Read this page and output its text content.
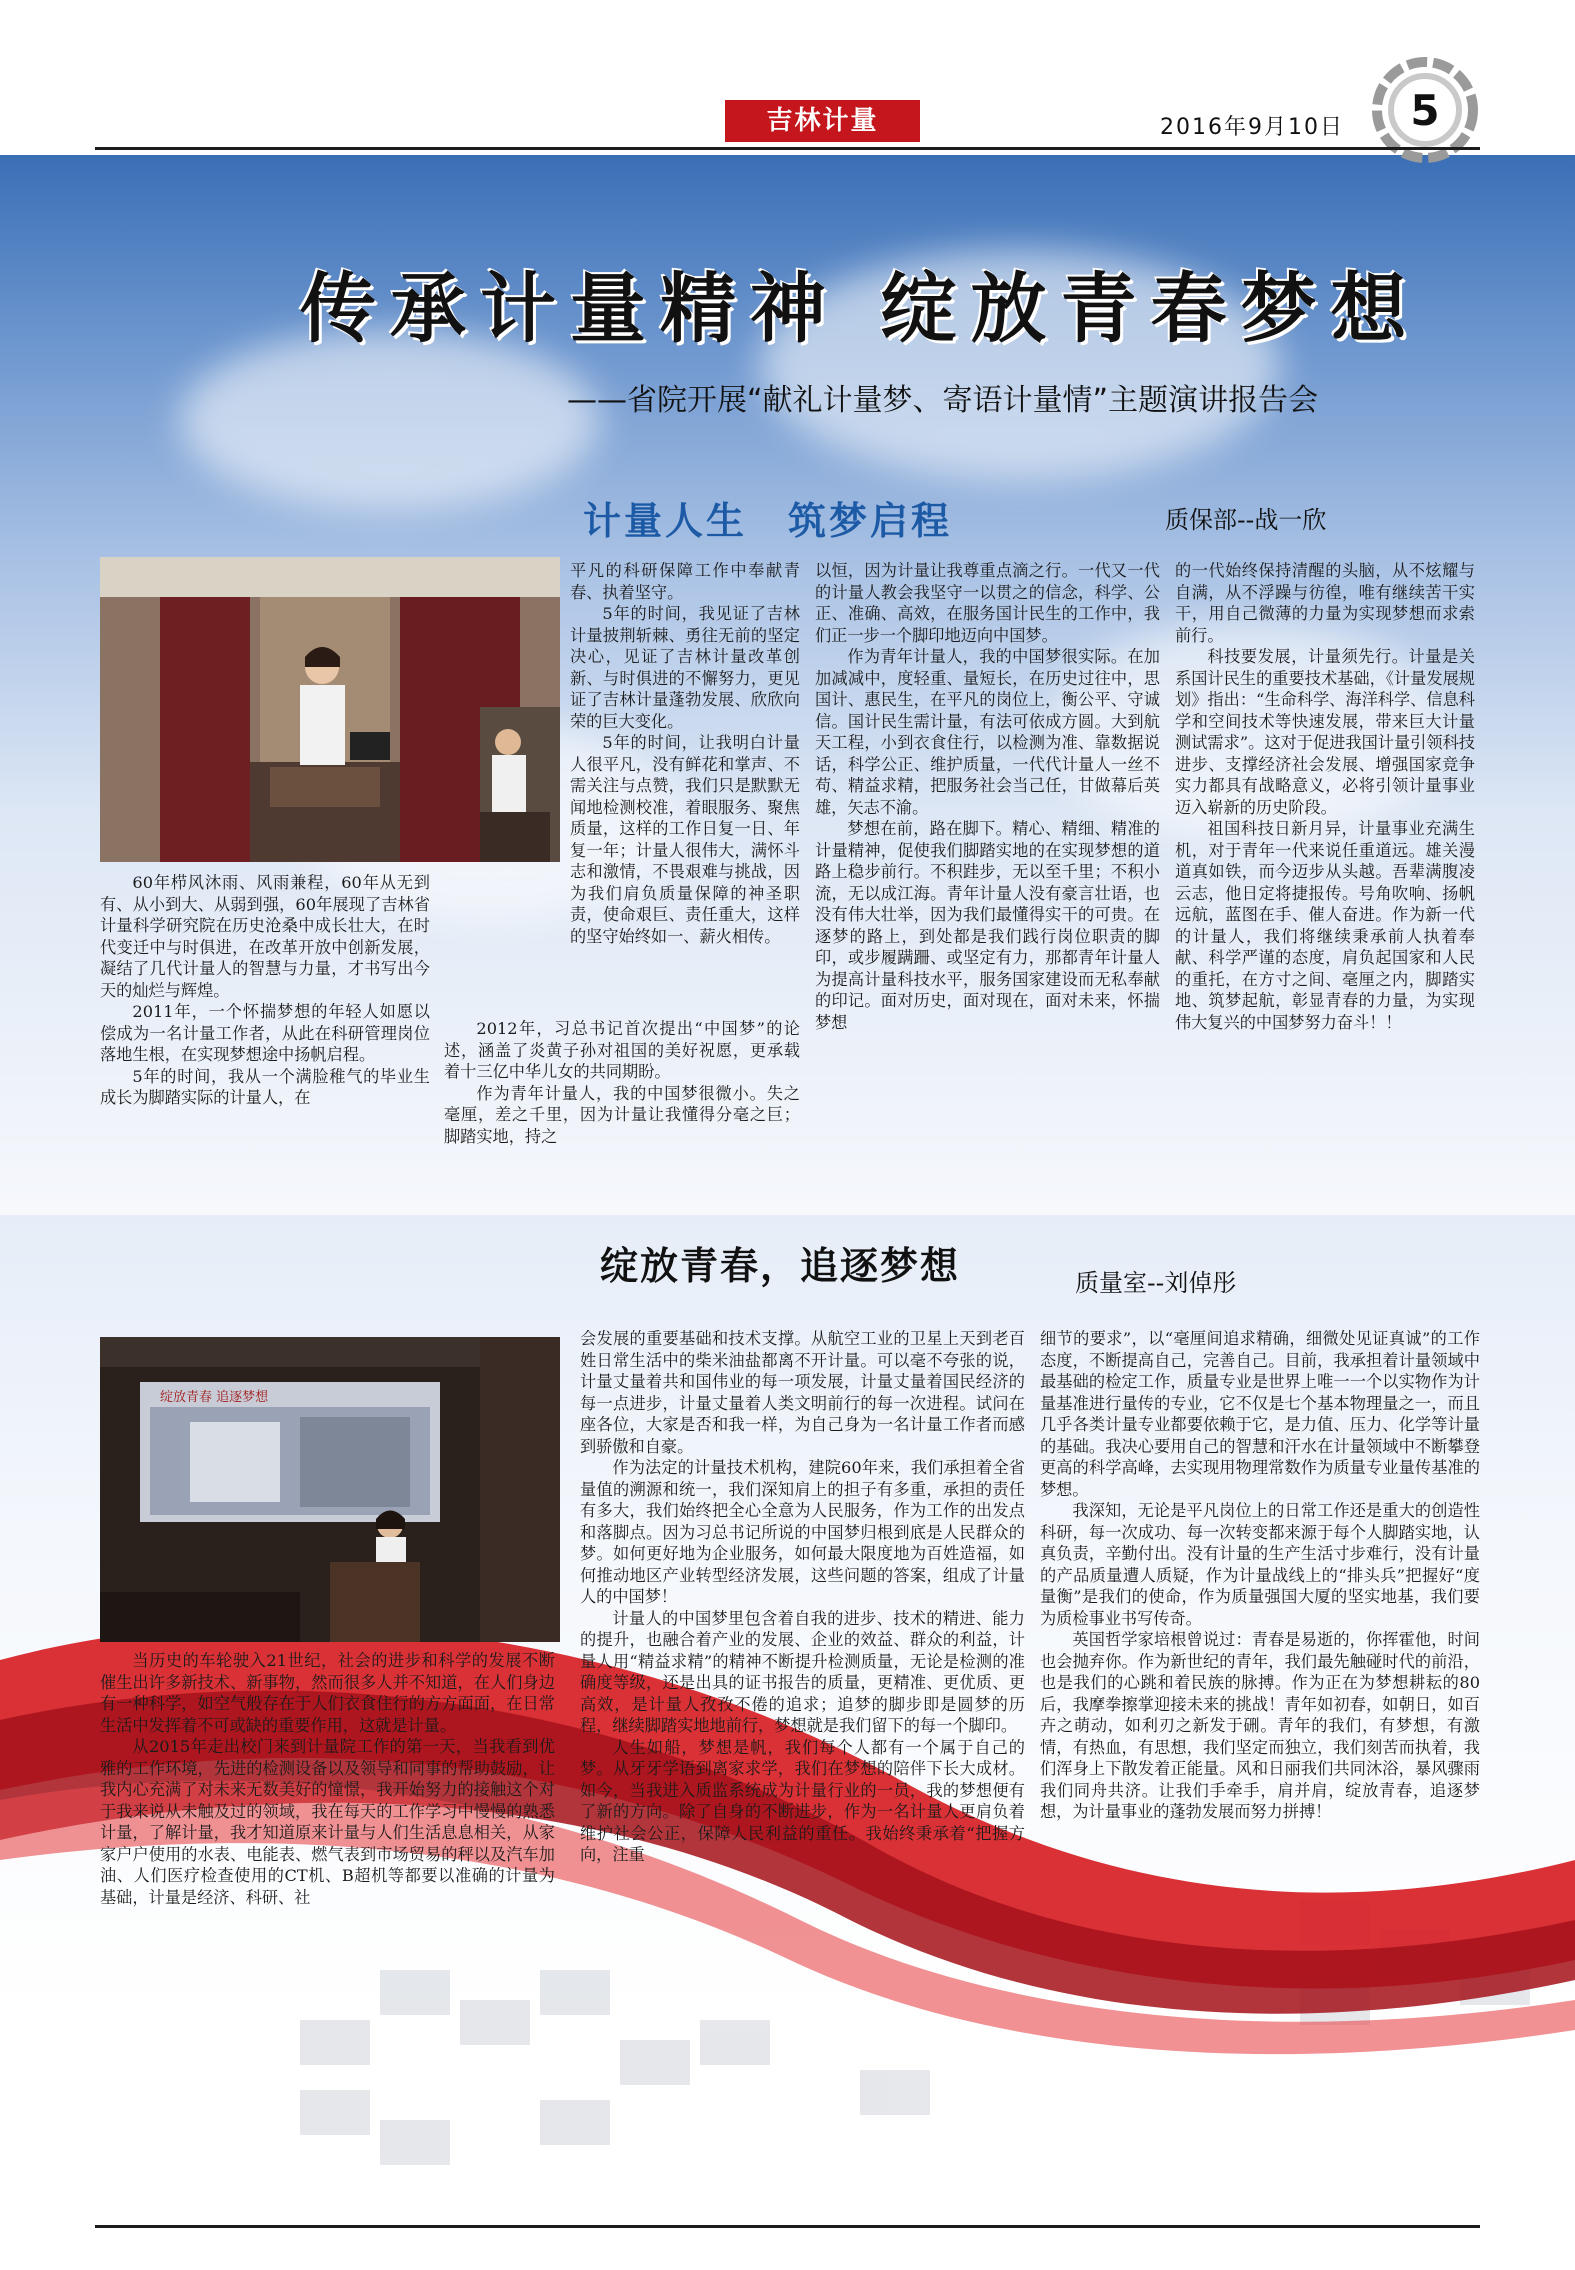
吉林计量	2016年9月10日 5
传承计量精神 绽放青春梦想
——省院开展“献礼计量梦、寄语计量情”主题演讲报告会
计量人生　筑梦启程	质保部--战一欣

60年栉风沐雨、风雨兼程，60年从无到有、从小到大、从弱到强，60年展现了吉林省计量科学研究院在历史沧桑中成长壮大，在时代变迁中与时俱进，在改革开放中创新发展，凝结了几代计量人的智慧与力量，才书写出今天的灿烂与辉煌。

2011年，一个怀揣梦想的年轻人如愿以偿成为一名计量工作者，从此在科研管理岗位落地生根，在实现梦想途中扬帆启程。

5年的时间，我从一个满脸稚气的毕业生成长为脚踏实际的计量人，在

平凡的科研保障工作中奉献青春、执着坚守。

5年的时间，我见证了吉林计量披荆斩棘、勇往无前的坚定决心，见证了吉林计量改革创新、与时俱进的不懈努力，更见证了吉林计量蓬勃发展、欣欣向荣的巨大变化。

5年的时间，让我明白计量人很平凡，没有鲜花和掌声、不需关注与点赞，我们只是默默无闻地检测校准，着眼服务、聚焦质量，这样的工作日复一日、年复一年；计量人很伟大，满怀斗志和激情，不畏艰难与挑战，因为我们肩负质量保障的神圣职责，使命艰巨、责任重大，这样的坚守始终如一、薪火相传。

2012年，习总书记首次提出“中国梦”的论述，涵盖了炎黄子孙对祖国的美好祝愿，更承载着十三亿中华儿女的共同期盼。

作为青年计量人，我的中国梦很微小。失之毫厘，差之千里，因为计量让我懂得分毫之巨；脚踏实地，持之

以恒，因为计量让我尊重点滴之行。一代又一代的计量人教会我坚守一以贯之的信念，科学、公正、准确、高效，在服务国计民生的工作中，我们正一步一个脚印地迈向中国梦。

作为青年计量人，我的中国梦很实际。在加加减减中，度轻重、量短长，在历史过往中，思国计、惠民生，在平凡的岗位上，衡公平、守诚信。国计民生需计量，有法可依成方圆。大到航天工程，小到衣食住行，以检测为准、靠数据说话，科学公正、维护质量，一代代计量人一丝不苟、精益求精，把服务社会当己任，甘做幕后英雄，矢志不渝。

梦想在前，路在脚下。精心、精细、精准的计量精神，促使我们脚踏实地的在实现梦想的道路上稳步前行。不积跬步，无以至千里；不积小流，无以成江海。青年计量人没有豪言壮语，也没有伟大壮举，因为我们最懂得实干的可贵。在逐梦的路上，到处都是我们践行岗位职责的脚印，或步履蹒跚、或坚定有力，那都青年计量人为提高计量科技水平，服务国家建设而无私奉献的印记。面对历史，面对现在，面对未来，怀揣梦想

的一代始终保持清醒的头脑，从不炫耀与自满，从不浮躁与彷徨，唯有继续苦干实干，用自己微薄的力量为实现梦想而求索前行。

科技要发展，计量须先行。计量是关系国计民生的重要技术基础，《计量发展规划》指出：“生命科学、海洋科学、信息科学和空间技术等快速发展，带来巨大计量测试需求”。这对于促进我国计量引领科技进步、支撑经济社会发展、增强国家竞争实力都具有战略意义，必将引领计量事业迈入崭新的历史阶段。

祖国科技日新月异，计量事业充满生机，对于青年一代来说任重道远。雄关漫道真如铁，而今迈步从头越。吾辈满腹凌云志，他日定将捷报传。号角吹响、扬帆远航，蓝图在手、催人奋进。作为新一代的计量人，我们将继续秉承前人执着奉献、科学严谨的态度，肩负起国家和人民的重托，在方寸之间、毫厘之内，脚踏实地、筑梦起航，彰显青春的力量，为实现伟大复兴的中国梦努力奋斗！！

绽放青春，追逐梦想	质量室--刘倬彤
绽放青春 追逐梦想

当历史的车轮驶入21世纪，社会的进步和科学的发展不断催生出许多新技术、新事物，然而很多人并不知道，在人们身边有一种科学，如空气般存在于人们衣食住行的方方面面，在日常生活中发挥着不可或缺的重要作用，这就是计量。

从2015年走出校门来到计量院工作的第一天，当我看到优雅的工作环境，先进的检测设备以及领导和同事的帮助鼓励，让我内心充满了对未来无数美好的憧憬，我开始努力的接触这个对于我来说从未触及过的领域，我在每天的工作学习中慢慢的熟悉计量，了解计量，我才知道原来计量与人们生活息息相关，从家家户户使用的水表、电能表、燃气表到市场贸易的秤以及汽车加油、人们医疗检查使用的CT机、B超机等都要以准确的计量为基础，计量是经济、科研、社

会发展的重要基础和技术支撑。从航空工业的卫星上天到老百姓日常生活中的柴米油盐都离不开计量。可以毫不夸张的说，计量丈量着共和国伟业的每一项发展，计量丈量着国民经济的每一点进步，计量丈量着人类文明前行的每一次进程。试问在座各位，大家是否和我一样，为自己身为一名计量工作者而感到骄傲和自豪。

作为法定的计量技术机构，建院60年来，我们承担着全省量值的溯源和统一，我们深知肩上的担子有多重，承担的责任有多大，我们始终把全心全意为人民服务，作为工作的出发点和落脚点。因为习总书记所说的中国梦归根到底是人民群众的梦。如何更好地为企业服务，如何最大限度地为百姓造福，如何推动地区产业转型经济发展，这些问题的答案，组成了计量人的中国梦！

计量人的中国梦里包含着自我的进步、技术的精进、能力的提升，也融合着产业的发展、企业的效益、群众的利益，计量人用“精益求精”的精神不断提升检测质量，无论是检测的准确度等级，还是出具的证书报告的质量，更精准、更优质、更高效，是计量人孜孜不倦的追求；追梦的脚步即是圆梦的历程，继续脚踏实地地前行，梦想就是我们留下的每一个脚印。

人生如船，梦想是帆，我们每个人都有一个属于自己的梦。从牙牙学语到离家求学，我们在梦想的陪伴下长大成材。如今，当我进入质监系统成为计量行业的一员，我的梦想便有了新的方向。除了自身的不断进步，作为一名计量人更肩负着维护社会公正，保障人民利益的重任。我始终秉承着“把握方向，注重

细节的要求”，以“毫厘间追求精确，细微处见证真诚”的工作态度，不断提高自己，完善自己。目前，我承担着计量领域中最基础的检定工作，质量专业是世界上唯一一个以实物作为计量基准进行量传的专业，它不仅是七个基本物理量之一，而且几乎各类计量专业都要依赖于它，是力值、压力、化学等计量的基础。我决心要用自己的智慧和汗水在计量领域中不断攀登更高的科学高峰，去实现用物理常数作为质量专业量传基准的梦想。

我深知，无论是平凡岗位上的日常工作还是重大的创造性科研，每一次成功、每一次转变都来源于每个人脚踏实地，认真负责，辛勤付出。没有计量的生产生活寸步难行，没有计量的产品质量遭人质疑，作为计量战线上的“排头兵”把握好“度量衡”是我们的使命，作为质量强国大厦的坚实地基，我们要为质检事业书写传奇。

英国哲学家培根曾说过：青春是易逝的，你挥霍他，时间也会抛弃你。作为新世纪的青年，我们最先触碰时代的前沿，也是我们的心跳和着民族的脉搏。作为正在为梦想耕耘的80后，我摩拳擦掌迎接未来的挑战！青年如初春，如朝日，如百卉之萌动，如利刃之新发于硎。青年的我们，有梦想，有激情，有热血，有思想，我们坚定而独立，我们刻苦而执着，我们浑身上下散发着正能量。风和日丽我们共同沐浴，暴风骤雨我们同舟共济。让我们手牵手，肩并肩，绽放青春，追逐梦想，为计量事业的蓬勃发展而努力拼搏！
